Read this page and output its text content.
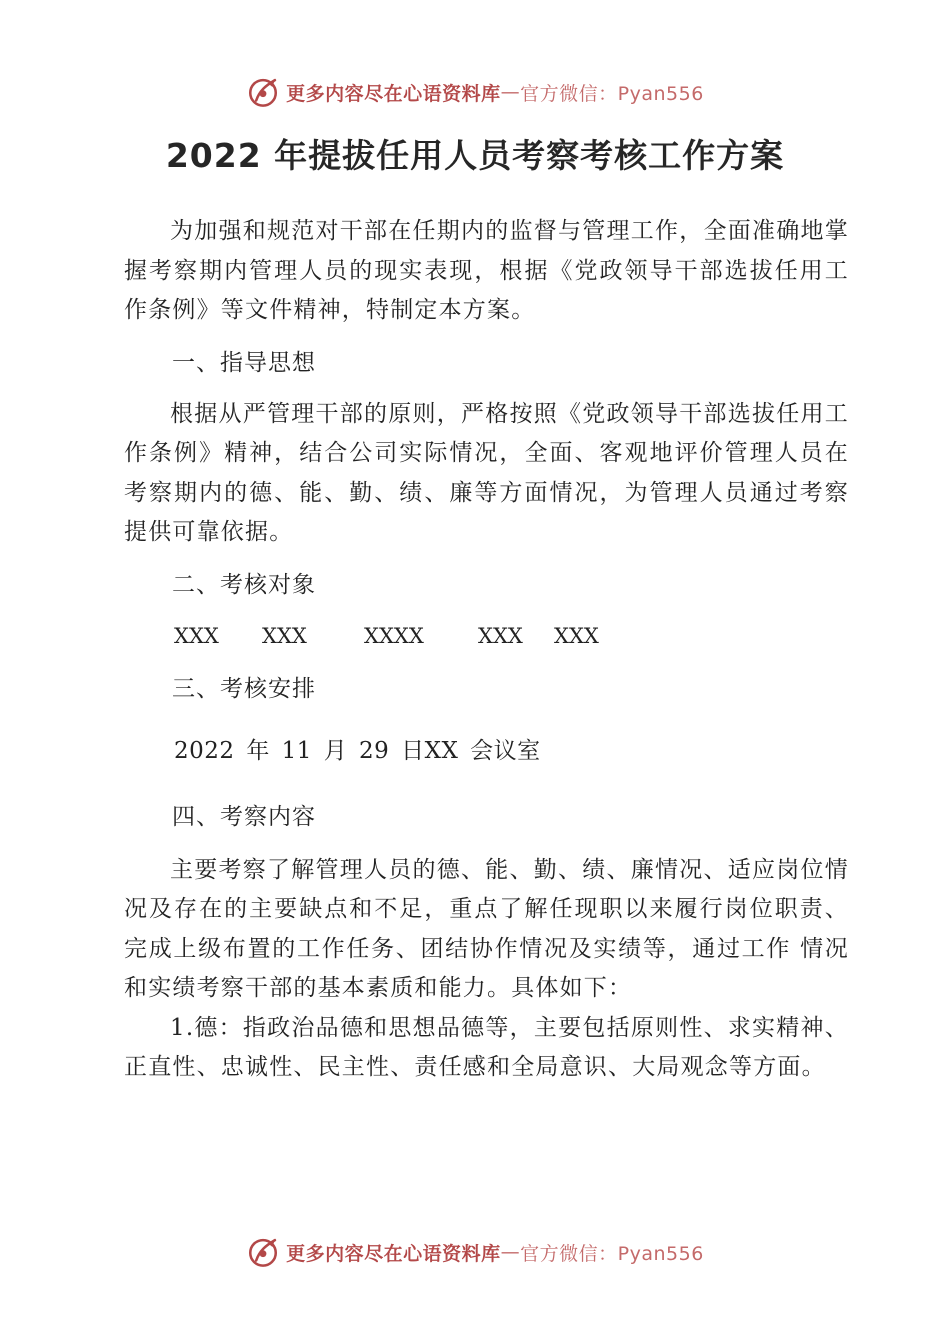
更多内容尽在心语资料库 — 官方微信：Pyan556
2022 年提拔任用人员考察考核工作方案

为加强和规范对干部在任期内的监督与管理工作，全面准确地掌握考察期内管理人员的现实表现，根据《党政领导干部选拔任用工作条例》等文件精神，特制定本方案。

一、指导思想

根据从严管理干部的原则，严格按照《党政领导干部选拔任用工作条例》精神，结合公司实际情况，全面、客观地评价管理人员在考察期内的德、能、勤、绩、廉等方面情况，为管理人员通过考察提供可靠依据。

二、考核对象
XXX	XXX	XXXX	XXX	XXX
三、考核安排
2022 年 11 月 29 日XX 会议室
四、考察内容

主要考察了解管理人员的德、能、勤、绩、廉情况、适应岗位情况及存在的主要缺点和不足，重点了解任现职以来履行岗位职责、完成上级布置的工作任务、团结协作情况及实绩等，通过工作 情况和实绩考察干部的基本素质和能力。具体如下：

1.德：指政治品德和思想品德等，主要包括原则性、求实精神、正直性、忠诚性、民主性、责任感和全局意识、大局观念等方面。

更多内容尽在心语资料库 — 官方微信：Pyan556
